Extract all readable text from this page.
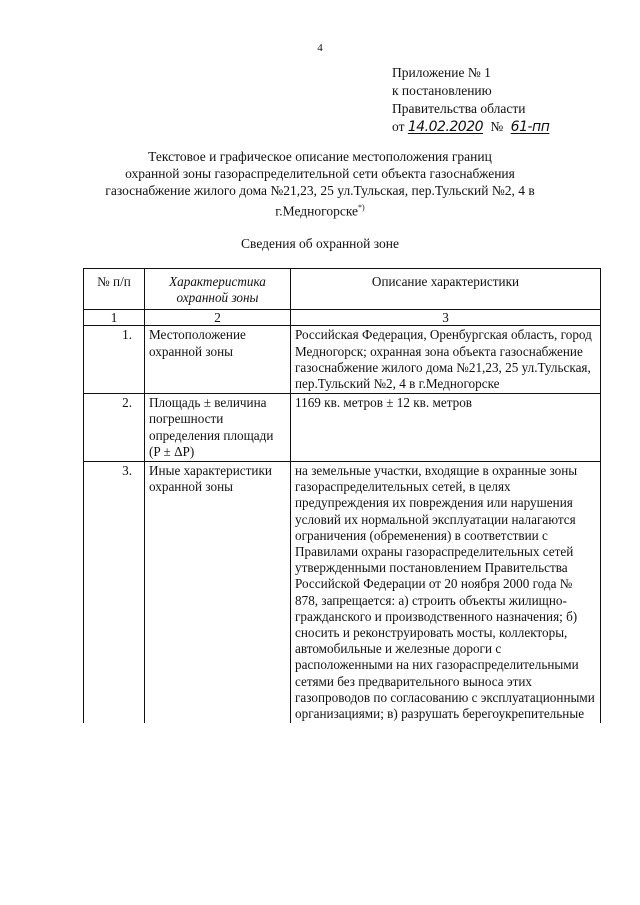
4
Приложение № 1
к постановлению
Правительства области
от 14.02.2020 № 61-пп
Текстовое и графическое описание местоположения границ
охранной зоны газораспределительной сети объекта газоснабжения
газоснабжение жилого дома №21,23, 25 ул.Тульская, пер.Тульский №2, 4 в
г.Медногорске*)
Сведения об охранной зоне
№ п/п	Характеристика охранной зоны	Описание характеристики
1	2	3
1.	Местоположение охранной зоны	Российская Федерация, Оренбургская область, город Медногорск; охранная зона объекта газоснабжение газоснабжение жилого дома №21,23, 25 ул.Тульская, пер.Тульский №2, 4 в г.Медногорске
2.	Площадь ± величина погрешности определения площади (P ± ΔP)	1169 кв. метров ± 12 кв. метров
3.	Иные характеристики охранной зоны	на земельные участки, входящие в охранные зоны газораспределительных сетей, в целях предупреждения их повреждения или нарушения условий их нормальной эксплуатации налагаются ограничения (обременения) в соответствии с Правилами охраны газораспределительных сетей утвержденными постановлением Правительства Российской Федерации от 20 ноября 2000 года № 878, запрещается: а) строить объекты жилищно-гражданского и производственного назначения; б) сносить и реконструировать мосты, коллекторы, автомобильные и железные дороги с расположенными на них газораспределительными сетями без предварительного выноса этих газопроводов по согласованию с эксплуатационными организациями; в) разрушать берегоукрепительные
